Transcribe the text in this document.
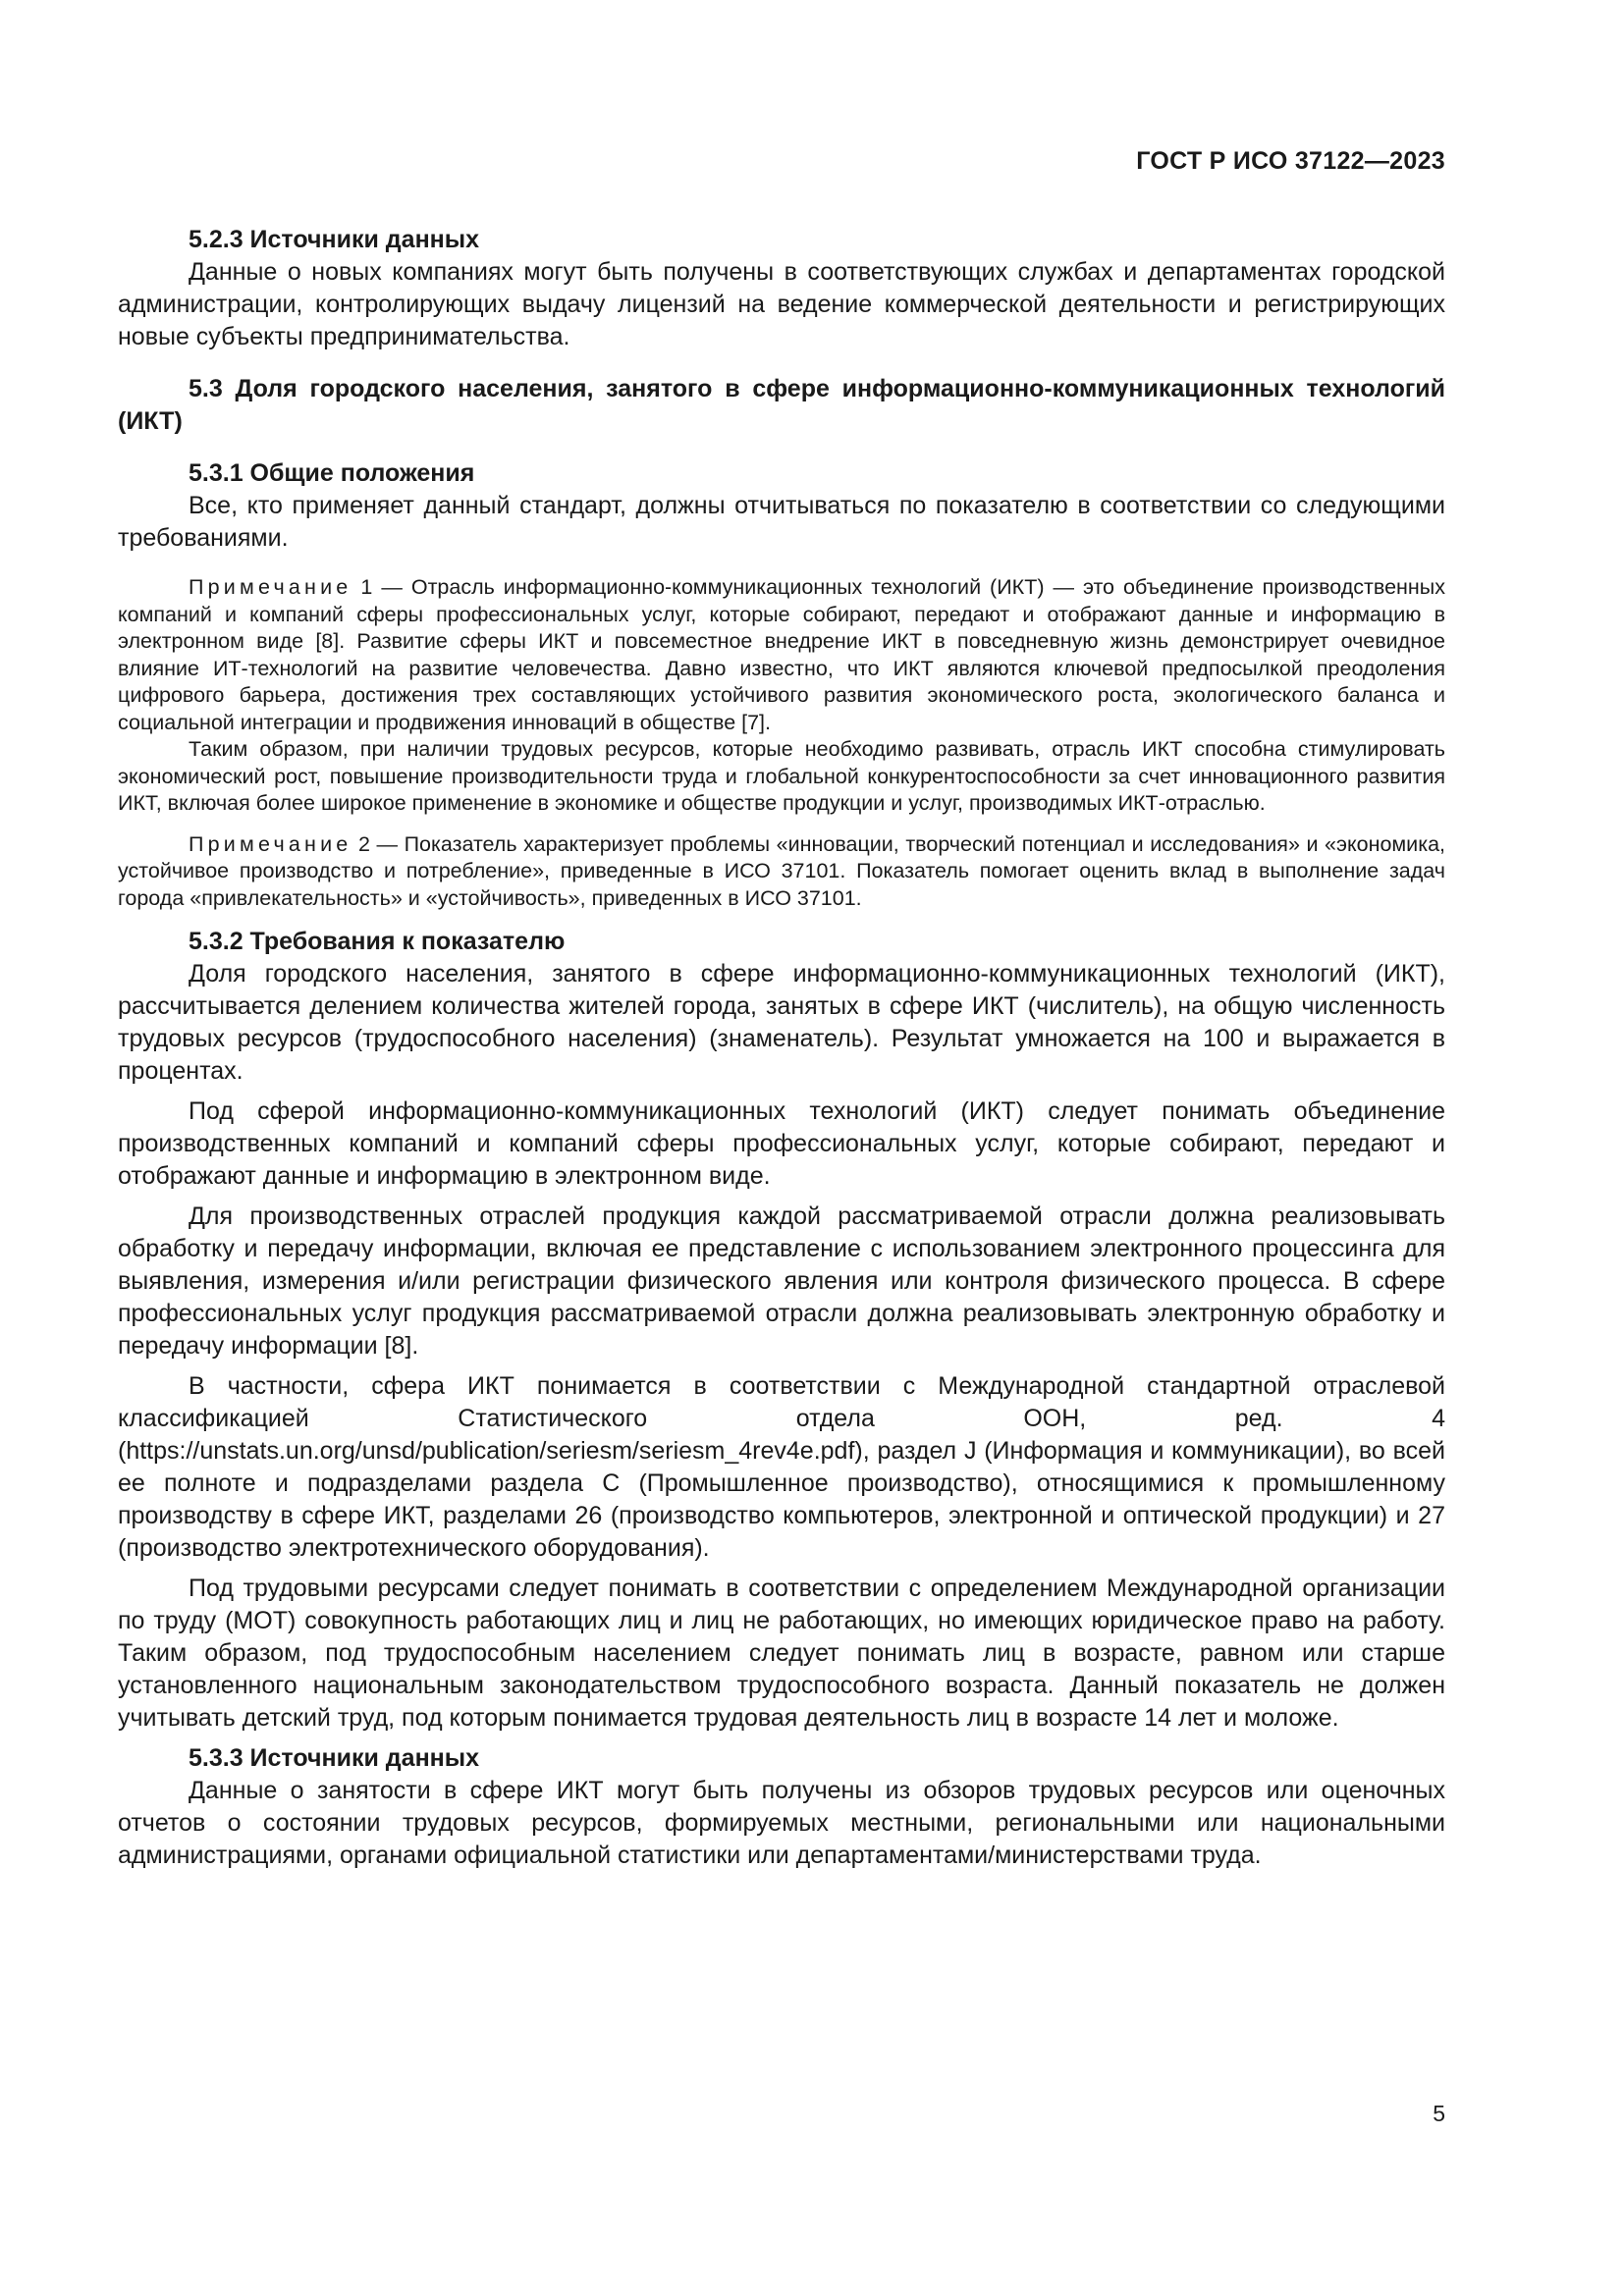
ГОСТ Р ИСО 37122—2023

5.2.3 Источники данных

Данные о новых компаниях могут быть получены в соответствующих службах и департаментах городской администрации, контролирующих выдачу лицензий на ведение коммерческой деятельности и регистрирующих новые субъекты предпринимательства.

5.3 Доля городского населения, занятого в сфере информационно-коммуникационных технологий (ИКТ)

5.3.1 Общие положения

Все, кто применяет данный стандарт, должны отчитываться по показателю в соответствии со следующими требованиями.

Примечание 1 — Отрасль информационно-коммуникационных технологий (ИКТ) — это объединение производственных компаний и компаний сферы профессиональных услуг, которые собирают, передают и отображают данные и информацию в электронном виде [8]. Развитие сферы ИКТ и повсеместное внедрение ИКТ в повседневную жизнь демонстрирует очевидное влияние ИТ-технологий на развитие человечества. Давно известно, что ИКТ являются ключевой предпосылкой преодоления цифрового барьера, достижения трех составляющих устойчивого развития экономического роста, экологического баланса и социальной интеграции и продвижения инноваций в обществе [7].

Таким образом, при наличии трудовых ресурсов, которые необходимо развивать, отрасль ИКТ способна стимулировать экономический рост, повышение производительности труда и глобальной конкурентоспособности за счет инновационного развития ИКТ, включая более широкое применение в экономике и обществе продукции и услуг, производимых ИКТ-отраслью.

Примечание 2 — Показатель характеризует проблемы «инновации, творческий потенциал и исследования» и «экономика, устойчивое производство и потребление», приведенные в ИСО 37101. Показатель помогает оценить вклад в выполнение задач города «привлекательность» и «устойчивость», приведенных в ИСО 37101.

5.3.2 Требования к показателю

Доля городского населения, занятого в сфере информационно-коммуникационных технологий (ИКТ), рассчитывается делением количества жителей города, занятых в сфере ИКТ (числитель), на общую численность трудовых ресурсов (трудоспособного населения) (знаменатель). Результат умножается на 100 и выражается в процентах.

Под сферой информационно-коммуникационных технологий (ИКТ) следует понимать объединение производственных компаний и компаний сферы профессиональных услуг, которые собирают, передают и отображают данные и информацию в электронном виде.

Для производственных отраслей продукция каждой рассматриваемой отрасли должна реализовывать обработку и передачу информации, включая ее представление с использованием электронного процессинга для выявления, измерения и/или регистрации физического явления или контроля физического процесса. В сфере профессиональных услуг продукция рассматриваемой отрасли должна реализовывать электронную обработку и передачу информации [8].

В частности, сфера ИКТ понимается в соответствии с Международной стандартной отраслевой классификацией Статистического отдела ООН, ред. 4 (https://unstats.un.org/unsd/publication/seriesm/seriesm_4rev4e.pdf), раздел J (Информация и коммуникации), во всей ее полноте и подразделами раздела С (Промышленное производство), относящимися к промышленному производству в сфере ИКТ, разделами 26 (производство компьютеров, электронной и оптической продукции) и 27 (производство электротехнического оборудования).

Под трудовыми ресурсами следует понимать в соответствии с определением Международной организации по труду (МОТ) совокупность работающих лиц и лиц не работающих, но имеющих юридическое право на работу. Таким образом, под трудоспособным населением следует понимать лиц в возрасте, равном или старше установленного национальным законодательством трудоспособного возраста. Данный показатель не должен учитывать детский труд, под которым понимается трудовая деятельность лиц в возрасте 14 лет и моложе.

5.3.3 Источники данных

Данные о занятости в сфере ИКТ могут быть получены из обзоров трудовых ресурсов или оценочных отчетов о состоянии трудовых ресурсов, формируемых местными, региональными или национальными администрациями, органами официальной статистики или департаментами/министерствами труда.

5
